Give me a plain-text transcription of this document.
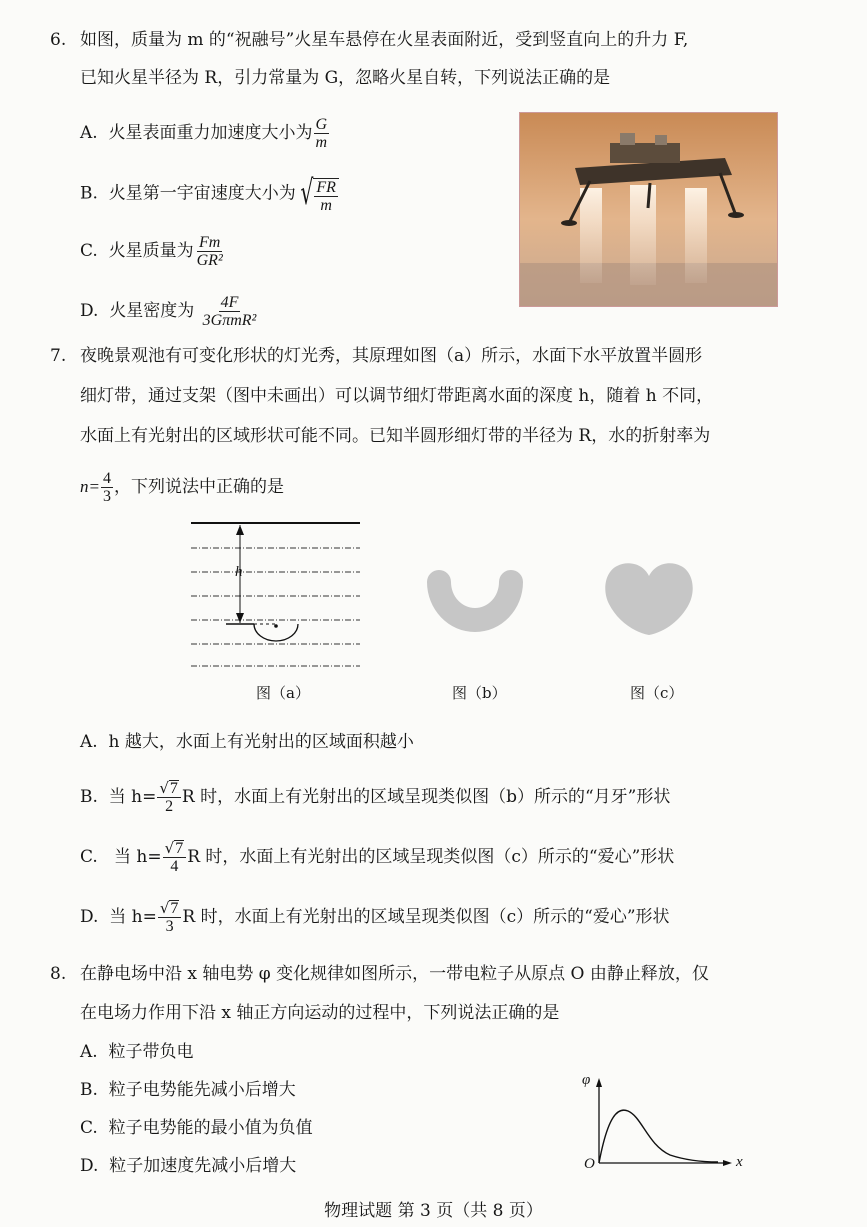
6. 如图，质量为 m 的“祝融号”火星车悬停在火星表面附近，受到竖直向上的升力 F,
已知火星半径为 R，引力常量为 G，忽略火星自转，下列说法正确的是
A. 火星表面重力加速度大小为 $\frac{G}{m}$
B. 火星第一宇宙速度大小为 √ $\frac{FR}{m}$
C. 火星质量为 $\frac{Fm}{\text{GR²}}$
D. 火星密度为 $\frac{4F}{\text{3GπmR²}}$
7. 夜晚景观池有可变化形状的灯光秀，其原理如图（a）所示，水面下水平放置半圆形
细灯带，通过支架（图中未画出）可以调节细灯带距离水面的深度 h，随着 h 不同，
水面上有光射出的区域形状可能不同。已知半圆形细灯带的半径为 R，水的折射率为
$n= \frac{4}{3}$ ，下列说法中正确的是
h
图（a）	图（b）	图（c）
A. h 越大，水面上有光射出的区域面积越小
B. 当 $h= \frac{√ 7}{2}$ R 时，水面上有光射出的区域呈现类似图（b）所示的“月牙”形状
C. 当 $h= \frac{√ 7}{4}$ R 时，水面上有光射出的区域呈现类似图（c）所示的“爱心”形状
D. 当 $h= \frac{√ 7}{3}$ R 时，水面上有光射出的区域呈现类似图（c）所示的“爱心”形状
8. 在静电场中沿 x 轴电势 φ 变化规律如图所示，一带电粒子从原点 O 由静止释放，仅
在电场力作用下沿 x 轴正方向运动的过程中，下列说法正确的是
A. 粒子带负电
B. 粒子电势能先减小后增大
C. 粒子电势能的最小值为负值
D. 粒子加速度先减小后增大
φ
x
O
物理试题 第 3 页（共 8 页）
